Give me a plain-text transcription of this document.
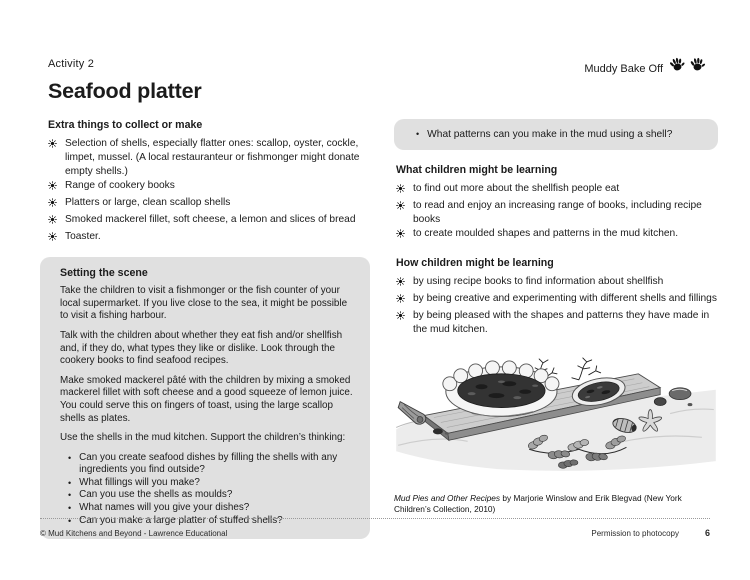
Activity 2
Seafood platter
Muddy Bake Off
Extra things to collect or make
Selection of shells, especially flatter ones: scallop, oyster, cockle, limpet, mussel. (A local restauranteur or fishmonger might donate empty shells.)
Range of cookery books
Platters or large, clean scallop shells
Smoked mackerel fillet, soft cheese, a lemon and slices of bread
Toaster.
Setting the scene

Take the children to visit a fishmonger or the fish counter of your local supermarket. If you live close to the sea, it might be possible to visit a fishing harbour.

Talk with the children about whether they eat fish and/or shellfish and, if they do, what types they like or dislike. Look through the cookery books to find seafood recipes.

Make smoked mackerel pâté with the children by mixing a smoked mackerel fillet with soft cheese and a good squeeze of lemon juice. You could serve this on fingers of toast, using the large scallop shells as plates.

Use the shells in the mud kitchen. Support the children’s thinking:

• Can you create seafood dishes by filling the shells with any ingredients you find outside?
• What fillings will you make?
• Can you use the shells as moulds?
• What names will you give your dishes?
• Can you make a large platter of stuffed shells?
• What patterns can you make in the mud using a shell?
What children might be learning
to find out more about the shellfish people eat
to read and enjoy an increasing range of books, including recipe books
to create moulded shapes and patterns in the mud kitchen.
How children might be learning
by using recipe books to find information about shellfish
by being creative and experimenting with different shells and fillings
by being pleased with the shapes and patterns they have made in the mud kitchen.
Mud Pies and Other Recipes by Marjorie Winslow and Erik Blegvad (New York Children’s Collection, 2010)
© Mud Kitchens and Beyond - Lawrence Educational	Permission to photocopy	6
